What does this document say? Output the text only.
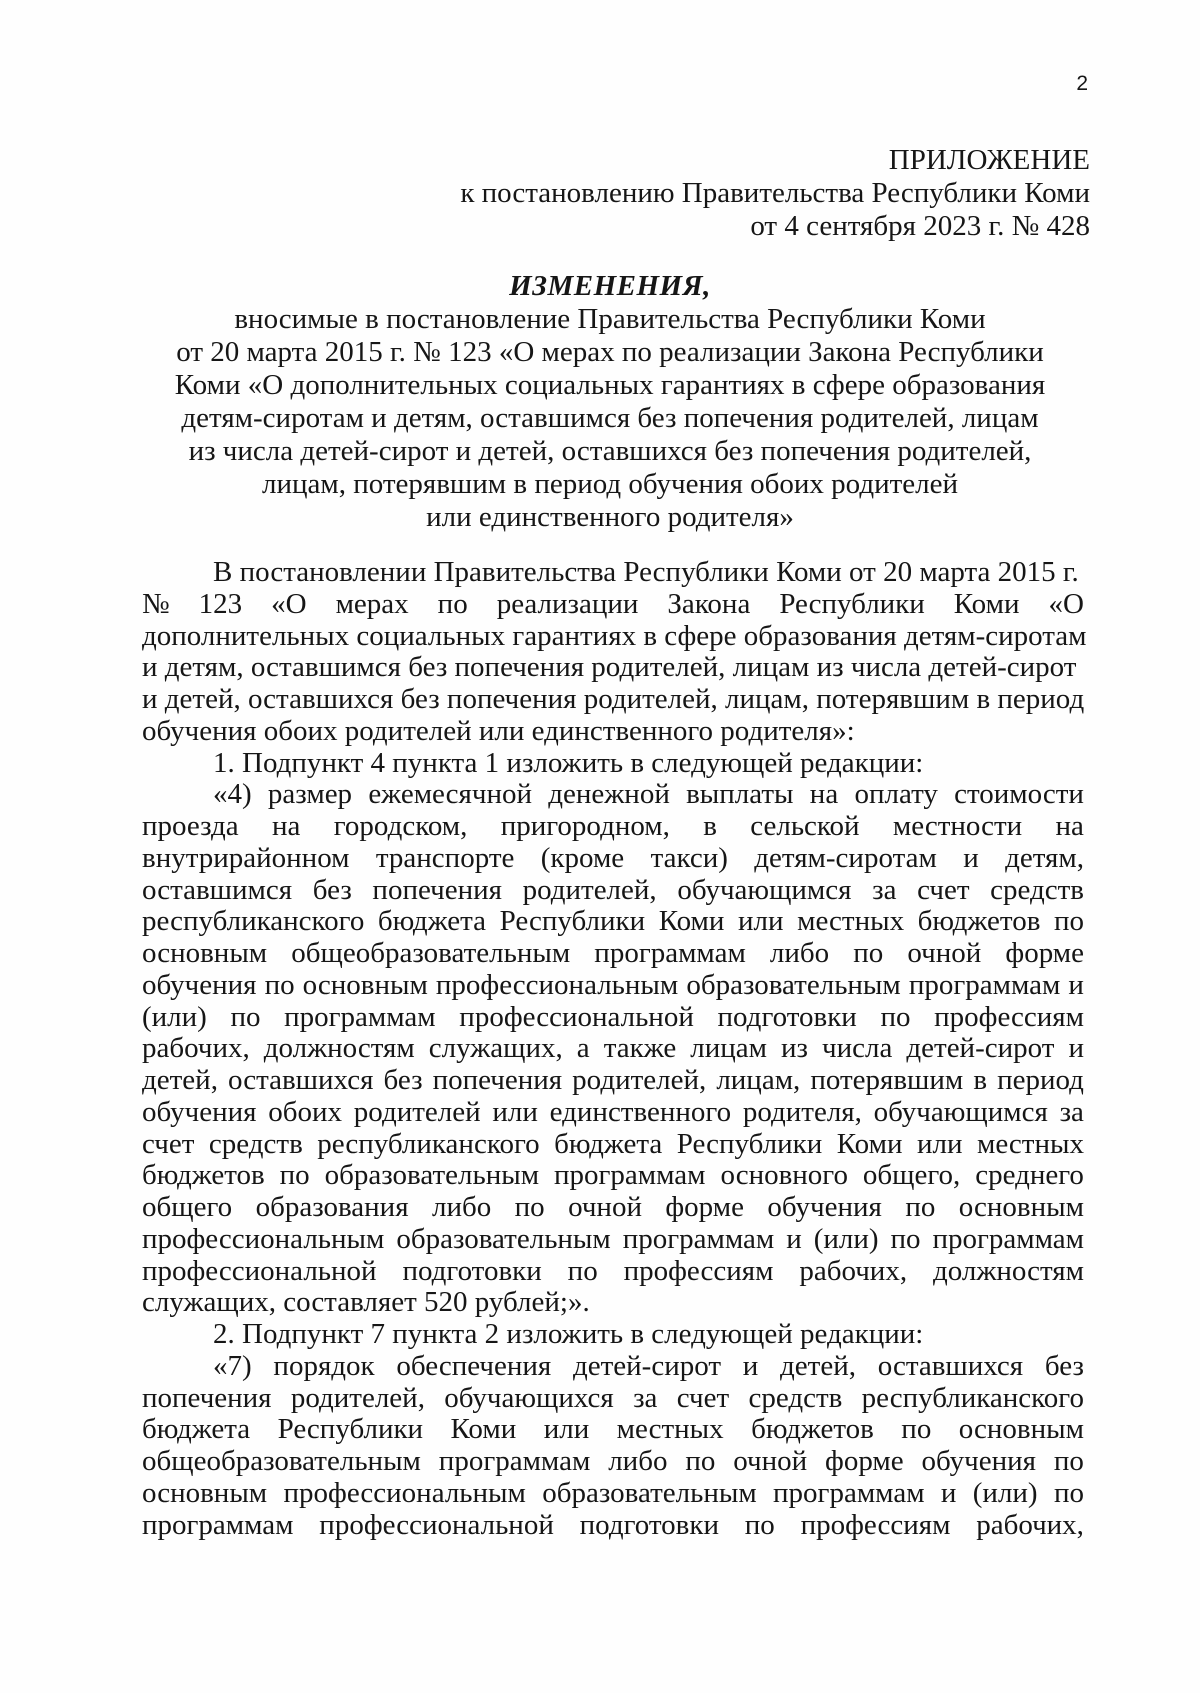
2
ПРИЛОЖЕНИЕ
к постановлению Правительства Республики Коми
от 4 сентября 2023 г. № 428
ИЗМЕНЕНИЯ,
вносимые в постановление Правительства Республики Коми
от 20 марта 2015 г. № 123 «О мерах по реализации Закона Республики
Коми «О дополнительных социальных гарантиях в сфере образования
детям-сиротам и детям, оставшимся без попечения родителей, лицам
из числа детей-сирот и детей, оставшихся без попечения родителей,
лицам, потерявшим в период обучения обоих родителей
или единственного родителя»
В постановлении Правительства Республики Коми от 20 марта 2015 г.
№ 123 «О мерах по реализации Закона Республики Коми «О
дополнительных социальных гарантиях в сфере образования детям-сиротам
и детям, оставшимся без попечения родителей, лицам из числа детей-сирот
и детей, оставшихся без попечения родителей, лицам, потерявшим в период
обучения обоих родителей или единственного родителя»:
1. Подпункт 4 пункта 1 изложить в следующей редакции:
«4) размер ежемесячной денежной выплаты на оплату стоимости
проезда на городском, пригородном, в сельской местности на
внутрирайонном транспорте (кроме такси) детям-сиротам и детям,
оставшимся без попечения родителей, обучающимся за счет средств
республиканского бюджета Республики Коми или местных бюджетов по
основным общеобразовательным программам либо по очной форме
обучения по основным профессиональным образовательным программам и
(или) по программам профессиональной подготовки по профессиям
рабочих, должностям служащих, а также лицам из числа детей-сирот и
детей, оставшихся без попечения родителей, лицам, потерявшим в период
обучения обоих родителей или единственного родителя, обучающимся за
счет средств республиканского бюджета Республики Коми или местных
бюджетов по образовательным программам основного общего, среднего
общего образования либо по очной форме обучения по основным
профессиональным образовательным программам и (или) по программам
профессиональной подготовки по профессиям рабочих, должностям
служащих, составляет 520 рублей;».
2. Подпункт 7 пункта 2 изложить в следующей редакции:
«7) порядок обеспечения детей-сирот и детей, оставшихся без
попечения родителей, обучающихся за счет средств республиканского
бюджета Республики Коми или местных бюджетов по основным
общеобразовательным программам либо по очной форме обучения по
основным профессиональным образовательным программам и (или) по
программам профессиональной подготовки по профессиям рабочих,
